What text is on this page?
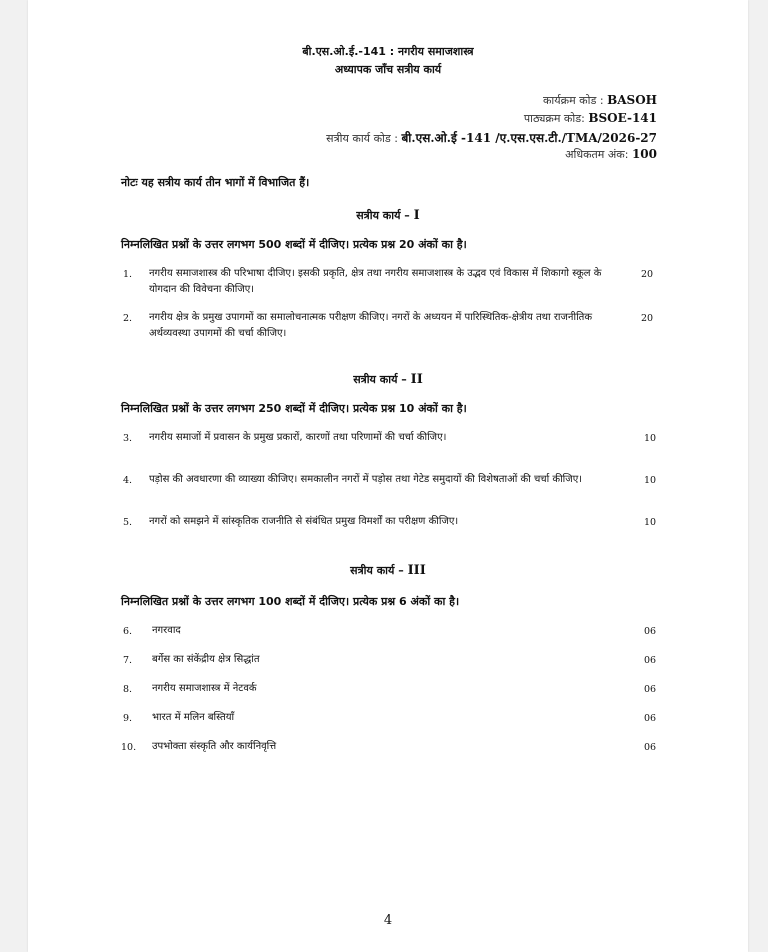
बी.एस.ओ.ई.-141 : नगरीय समाजशास्त्र
अध्यापक जाँच सत्रीय कार्य
कार्यक्रम कोड : BASOH
पाठ्यक्रम कोड: BSOE-141
सत्रीय कार्य कोड : बी.एस.ओ.ई -141 /ए.एस.एस.टी./TMA/2026-27
अधिकतम अंक: 100
नोटः यह सत्रीय कार्य तीन भागों में विभाजित हैं।
सत्रीय कार्य – I
निम्नलिखित प्रश्नों के उत्तर लगभग 500 शब्दों में दीजिए। प्रत्येक प्रश्न 20 अंकों का है।
1. नगरीय समाजशास्त्र की परिभाषा दीजिए। इसकी प्रकृति, क्षेत्र तथा नगरीय समाजशास्त्र के उद्भव एवं विकास में शिकागो स्कूल के योगदान की विवेचना कीजिए।
20
2. नगरीय क्षेत्र के प्रमुख उपागमों का समालोचनात्मक परीक्षण कीजिए। नगरों के अध्ययन में पारिस्थितिक-क्षेत्रीय तथा राजनीतिक अर्थव्यवस्था उपागमों की चर्चा कीजिए।
20
सत्रीय कार्य – II
निम्नलिखित प्रश्नों के उत्तर लगभग 250 शब्दों में दीजिए। प्रत्येक प्रश्न 10 अंकों का है।
3. नगरीय समाजों में प्रवासन के प्रमुख प्रकारों, कारणों तथा परिणामों की चर्चा कीजिए।	10
4. पड़ोस की अवधारणा की व्याख्या कीजिए। समकालीन नगरों में पड़ोस तथा गेटेड समुदायों की विशेषताओं की चर्चा कीजिए।	10
5. नगरों को समझने में सांस्कृतिक राजनीति से संबंधित प्रमुख विमर्शों का परीक्षण कीजिए।	10
सत्रीय कार्य – III
निम्नलिखित प्रश्नों के उत्तर लगभग 100 शब्दों में दीजिए। प्रत्येक प्रश्न 6 अंकों का है।
6. नगरवाद	06
7. बर्गेस का संकेंद्रीय क्षेत्र सिद्धांत	06
8. नगरीय समाजशास्त्र में नेटवर्क	06
9. भारत में मलिन बस्तियाँ	06
10. उपभोक्ता संस्कृति और कार्यनिवृत्ति	06
4
